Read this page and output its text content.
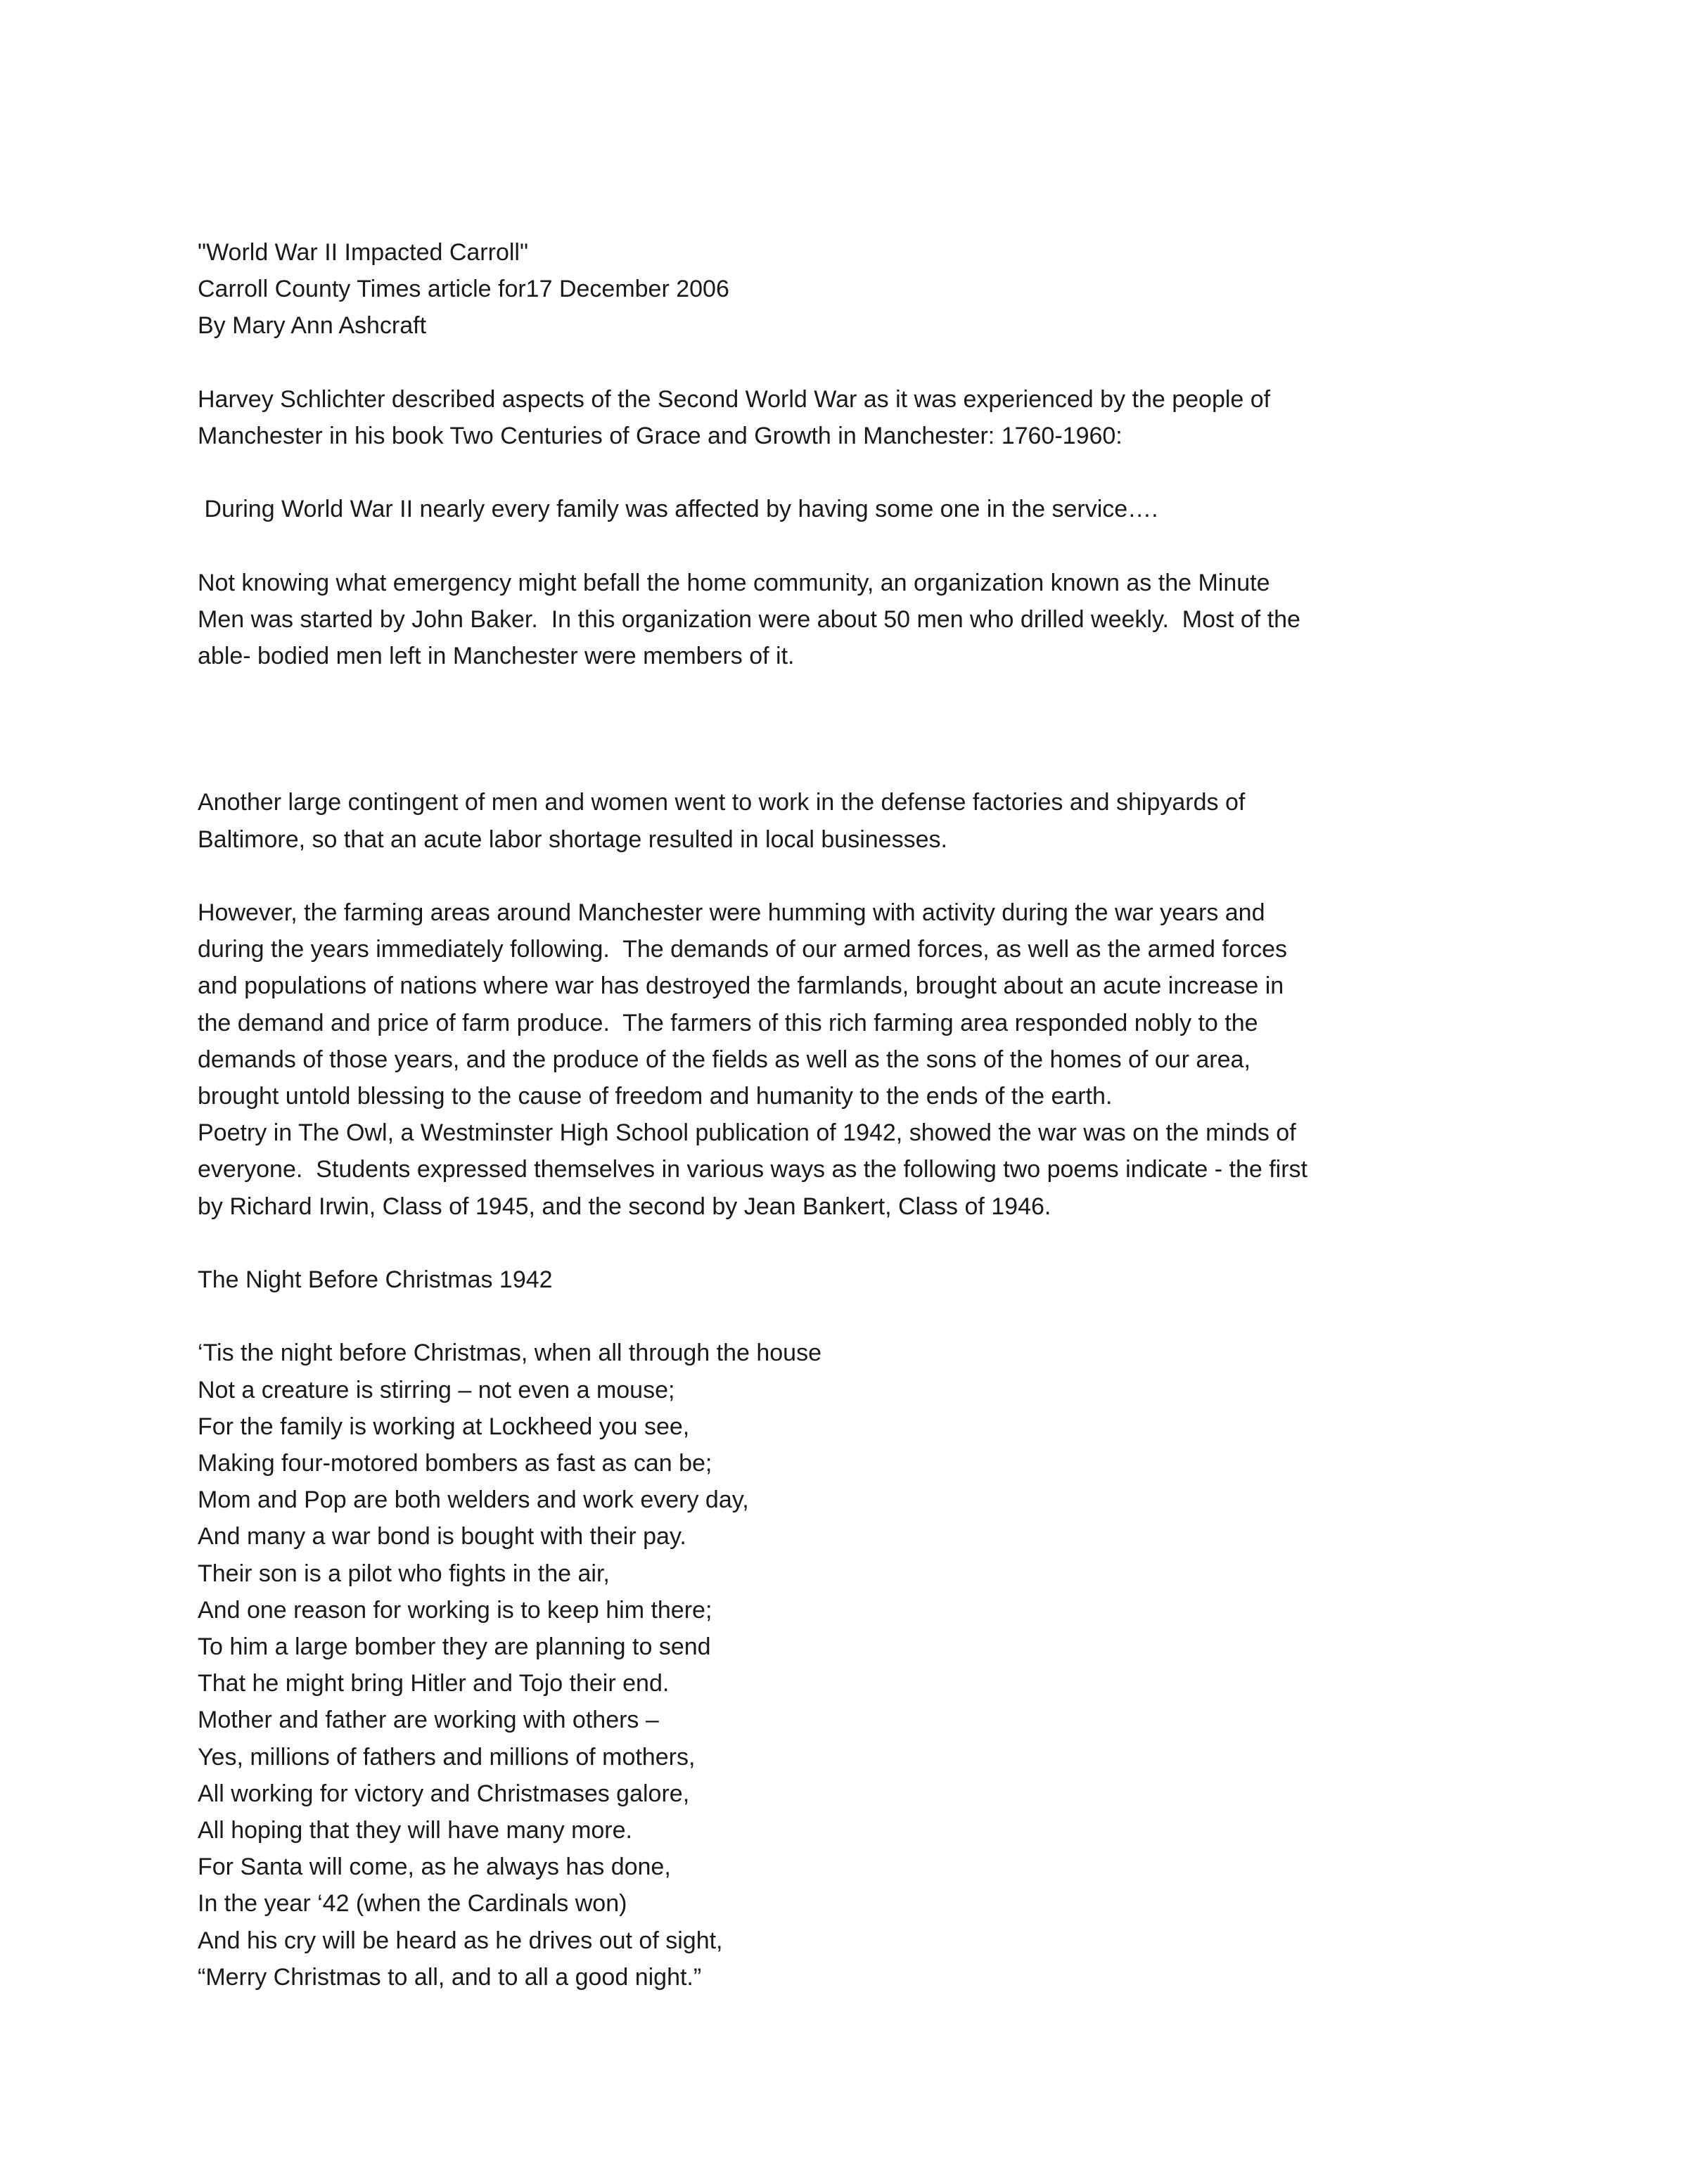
"World War II Impacted Carroll"
Carroll County Times article for17 December 2006
By Mary Ann Ashcraft
Harvey Schlichter described aspects of the Second World War as it was experienced by the people of
Manchester in his book Two Centuries of Grace and Growth in Manchester: 1760-1960:
During World War II nearly every family was affected by having some one in the service….
Not knowing what emergency might befall the home community, an organization known as the Minute
Men was started by John Baker.  In this organization were about 50 men who drilled weekly.  Most of the
able- bodied men left in Manchester were members of it.
Another large contingent of men and women went to work in the defense factories and shipyards of
Baltimore, so that an acute labor shortage resulted in local businesses.
However, the farming areas around Manchester were humming with activity during the war years and
during the years immediately following.  The demands of our armed forces, as well as the armed forces
and populations of nations where war has destroyed the farmlands, brought about an acute increase in
the demand and price of farm produce.  The farmers of this rich farming area responded nobly to the
demands of those years, and the produce of the fields as well as the sons of the homes of our area,
brought untold blessing to the cause of freedom and humanity to the ends of the earth.
Poetry in The Owl, a Westminster High School publication of 1942, showed the war was on the minds of
everyone.  Students expressed themselves in various ways as the following two poems indicate - the first
by Richard Irwin, Class of 1945, and the second by Jean Bankert, Class of 1946.
The Night Before Christmas 1942
‘Tis the night before Christmas, when all through the house
Not a creature is stirring – not even a mouse;
For the family is working at Lockheed you see,
Making four-motored bombers as fast as can be;
Mom and Pop are both welders and work every day,
And many a war bond is bought with their pay.
Their son is a pilot who fights in the air,
And one reason for working is to keep him there;
To him a large bomber they are planning to send
That he might bring Hitler and Tojo their end.
Mother and father are working with others –
Yes, millions of fathers and millions of mothers,
All working for victory and Christmases galore,
All hoping that they will have many more.
For Santa will come, as he always has done,
In the year ‘42 (when the Cardinals won)
And his cry will be heard as he drives out of sight,
“Merry Christmas to all, and to all a good night.”
